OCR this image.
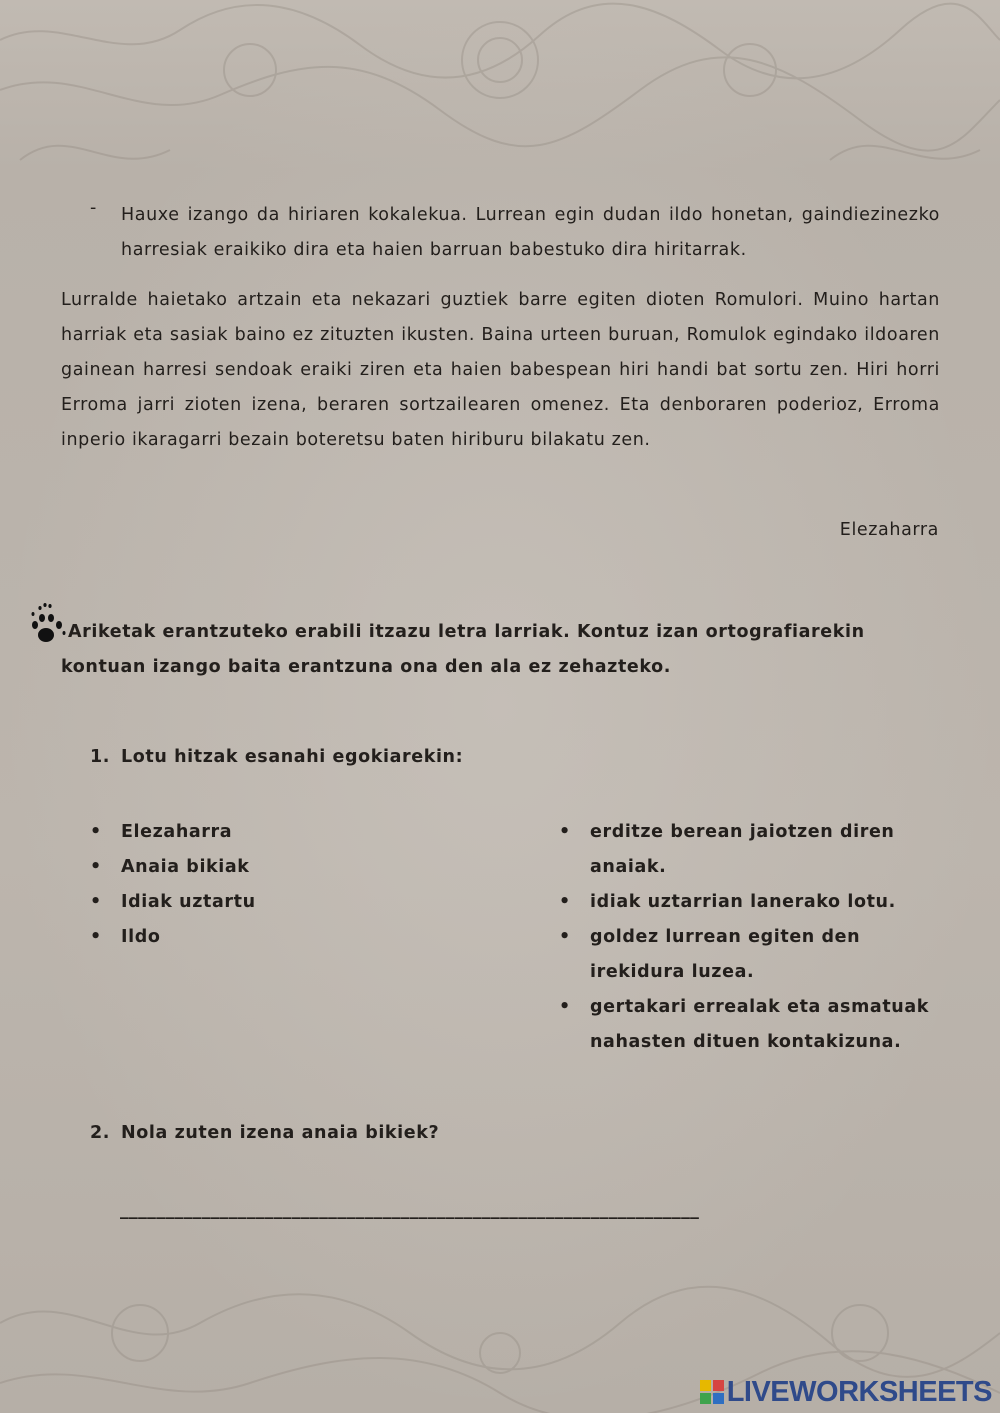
- Hauxe izango da hiriaren kokalekua. Lurrean egin dudan ildo honetan, gaindiezinezko harresiak eraikiko dira eta haien barruan babestuko dira hiritarrak.
Lurralde haietako artzain eta nekazari guztiek barre egiten dioten Romulori. Muino hartan harriak eta sasiak baino ez zituzten ikusten. Baina urteen buruan, Romulok egindako ildoaren gainean harresi sendoak eraiki ziren eta haien babespean hiri handi bat sortu zen. Hiri horri Erroma jarri zioten izena, beraren sortzailearen omenez. Eta denboraren poderioz, Erroma inperio ikaragarri bezain boteretsu baten hiriburu bilakatu zen.
Elezaharra
Ariketak erantzuteko erabili itzazu letra larriak. Kontuz izan ortografiarekin kontuan izango baita erantzuna ona den ala ez zehazteko.
1. Lotu hitzak esanahi egokiarekin:
• Elezaharra
• Anaia bikiak
• Idiak uztartu
• Ildo
• erditze berean jaiotzen diren anaiak.
• idiak uztarrian lanerako lotu.
• goldez lurrean egiten den irekidura luzea.
• gertakari errealak eta asmatuak nahasten dituen kontakizuna.
2. Nola zuten izena anaia bikiek?
________________________________________________________________
LIVEWORKSHEETS
